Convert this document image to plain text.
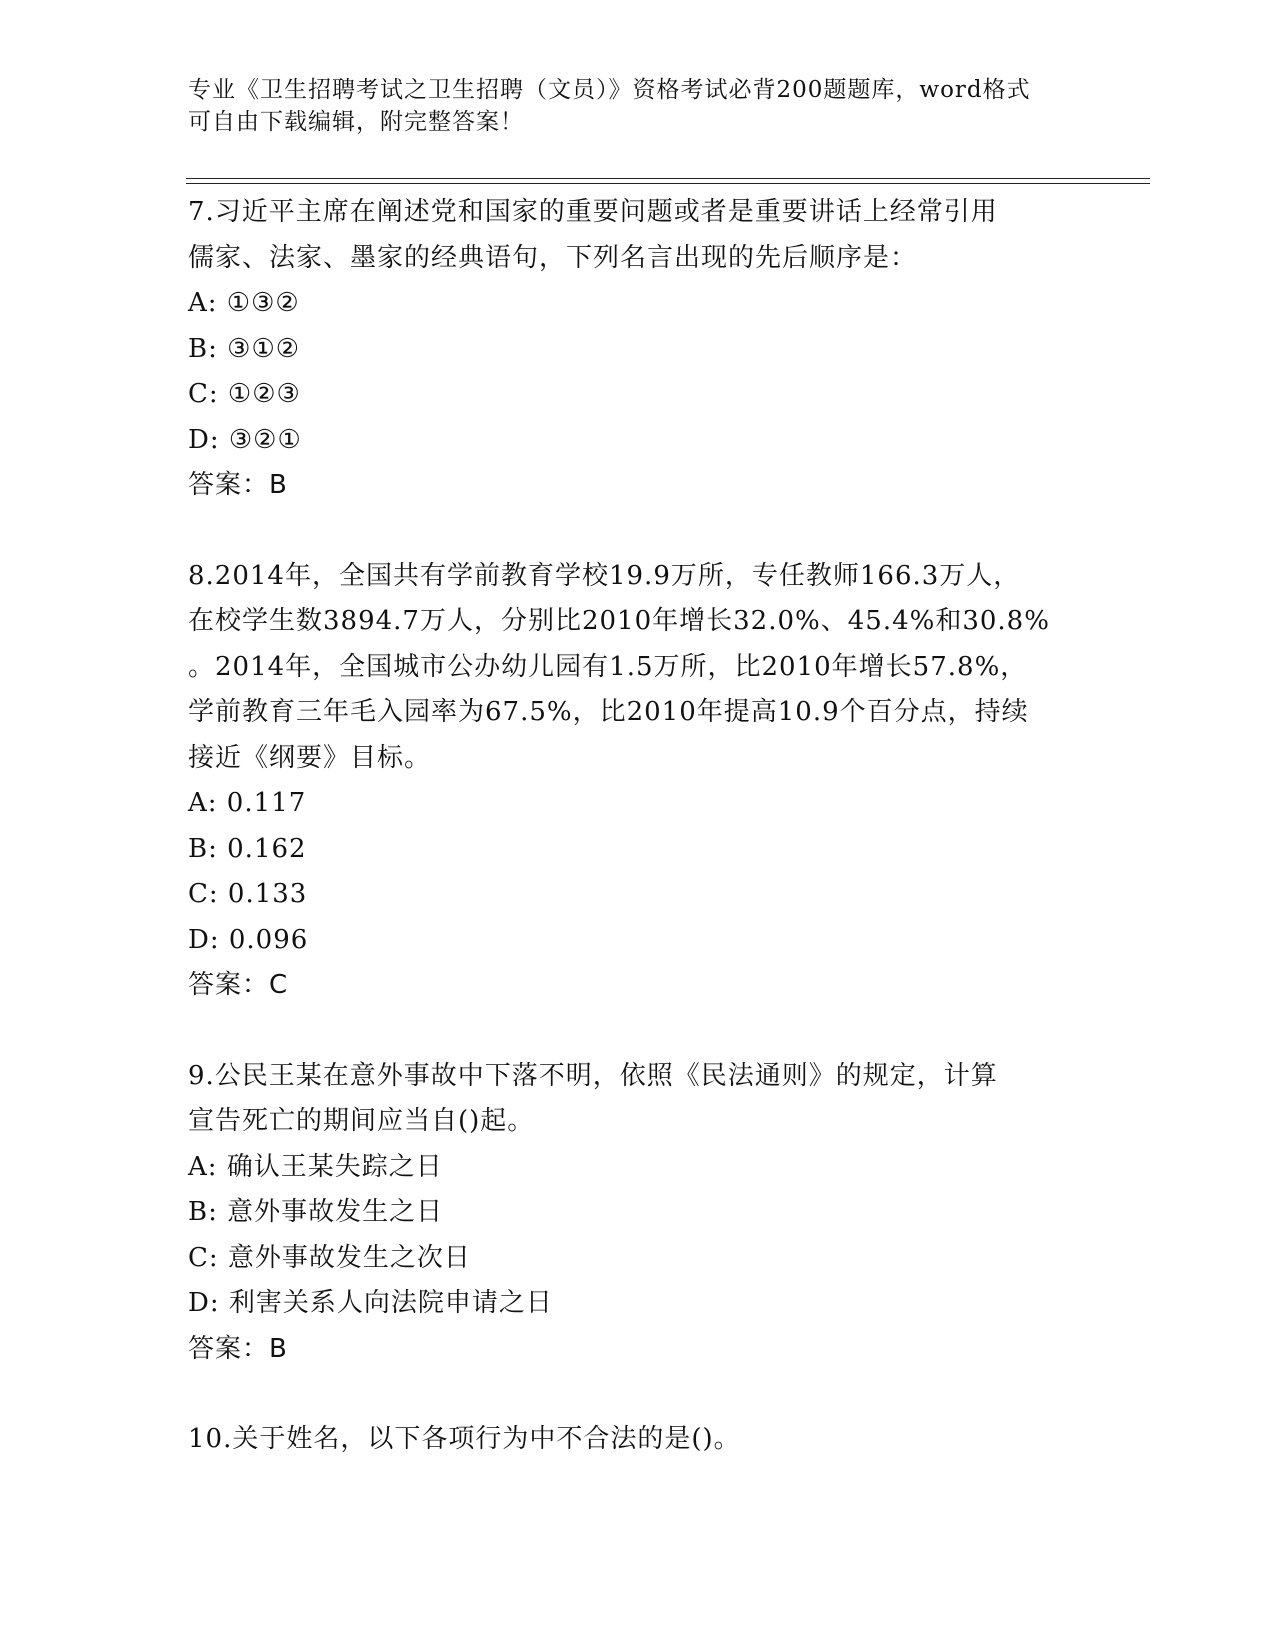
专业《卫生招聘考试之卫生招聘（文员）》资格考试必背200题题库，word格式
可自由下载编辑，附完整答案！
7.习近平主席在阐述党和国家的重要问题或者是重要讲话上经常引用
儒家、法家、墨家的经典语句，下列名言出现的先后顺序是：
A: ①③②
B: ③①②
C: ①②③
D: ③②①
答案：B
8.2014年，全国共有学前教育学校19.9万所，专任教师166.3万人，
在校学生数3894.7万人，分别比2010年增长32.0%、45.4%和30.8%
。2014年，全国城市公办幼儿园有1.5万所，比2010年增长57.8%，
学前教育三年毛入园率为67.5%，比2010年提高10.9个百分点，持续
接近《纲要》目标。
A: 0.117
B: 0.162
C: 0.133
D: 0.096
答案：C
9.公民王某在意外事故中下落不明，依照《民法通则》的规定，计算
宣告死亡的期间应当自()起。
A: 确认王某失踪之日
B: 意外事故发生之日
C: 意外事故发生之次日
D: 利害关系人向法院申请之日
答案：B
10.关于姓名，以下各项行为中不合法的是()。
